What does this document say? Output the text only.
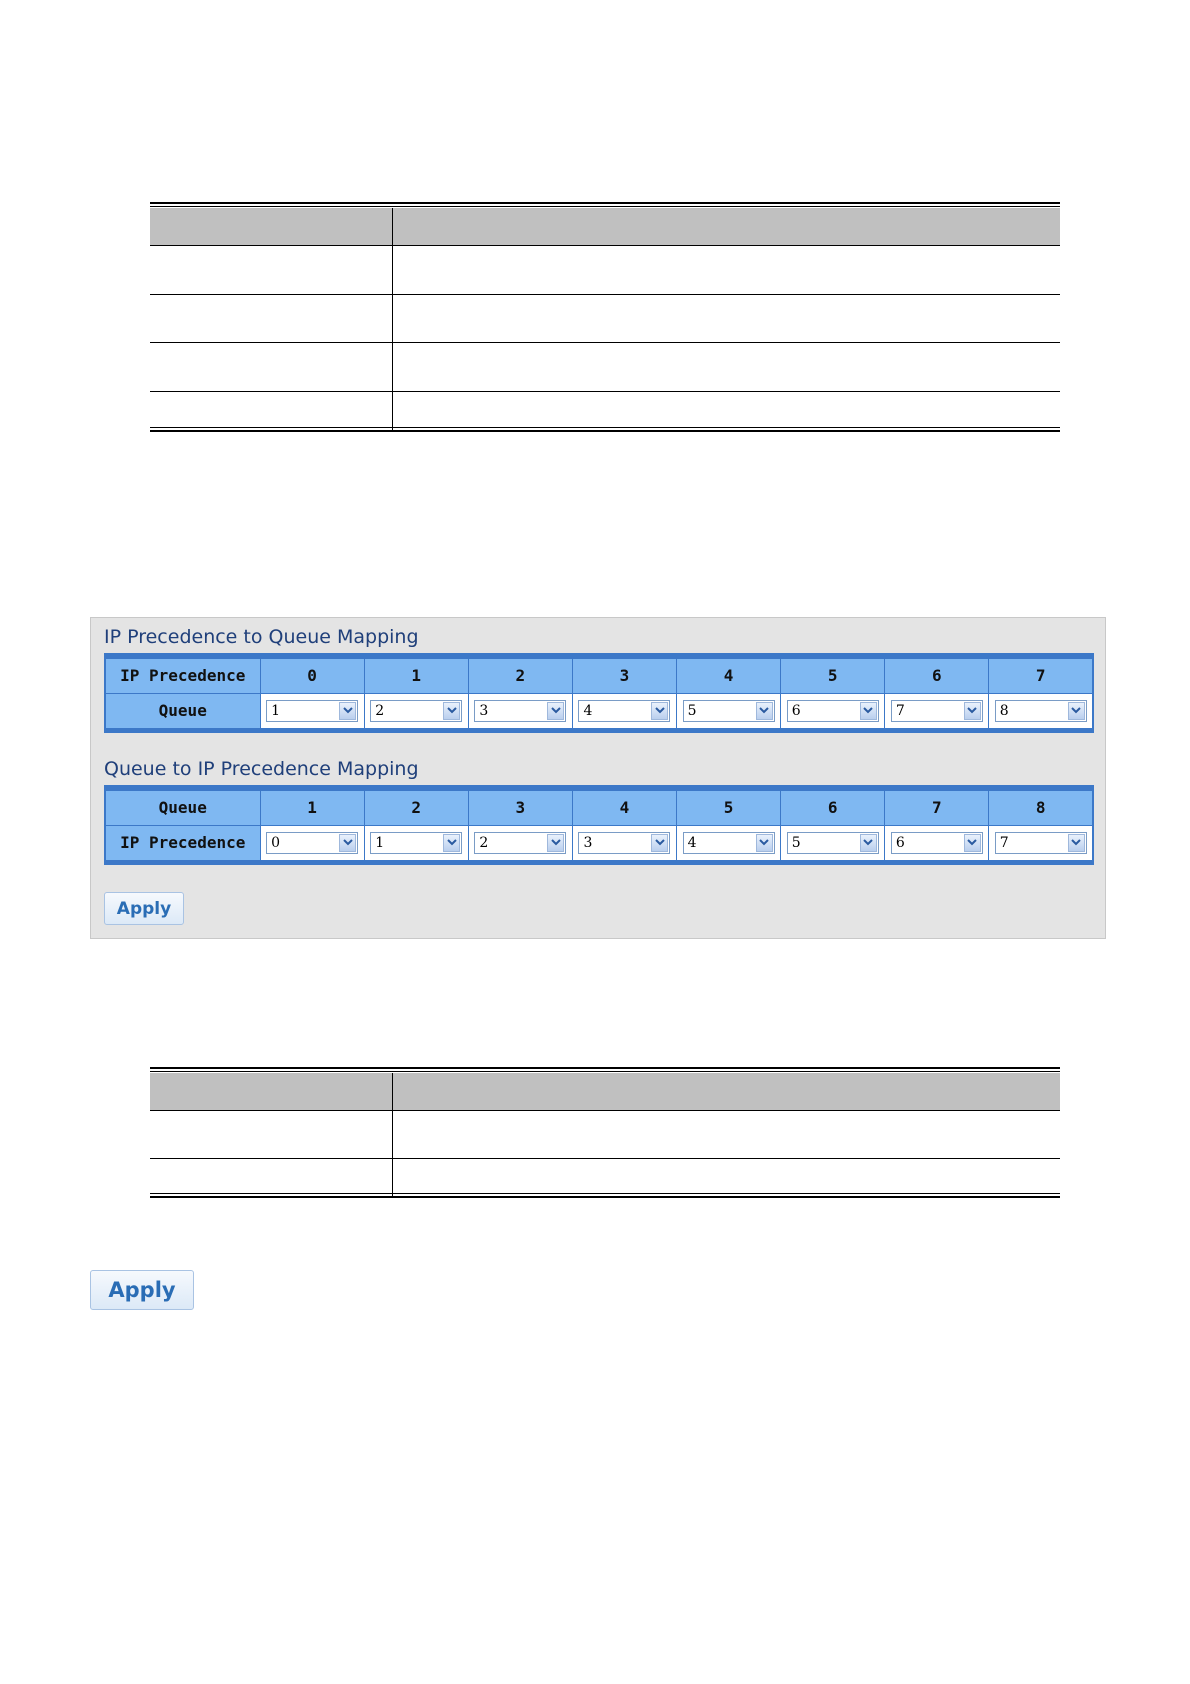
IP Precedence to Queue Mapping
IP Precedence	0	1	2	3	4	5	6	7
Queue	1	2	3	4	5	6	7	8
Queue to IP Precedence Mapping
Queue	1	2	3	4	5	6	7	8
IP Precedence	0	1	2	3	4	5	6	7
Apply
Apply
